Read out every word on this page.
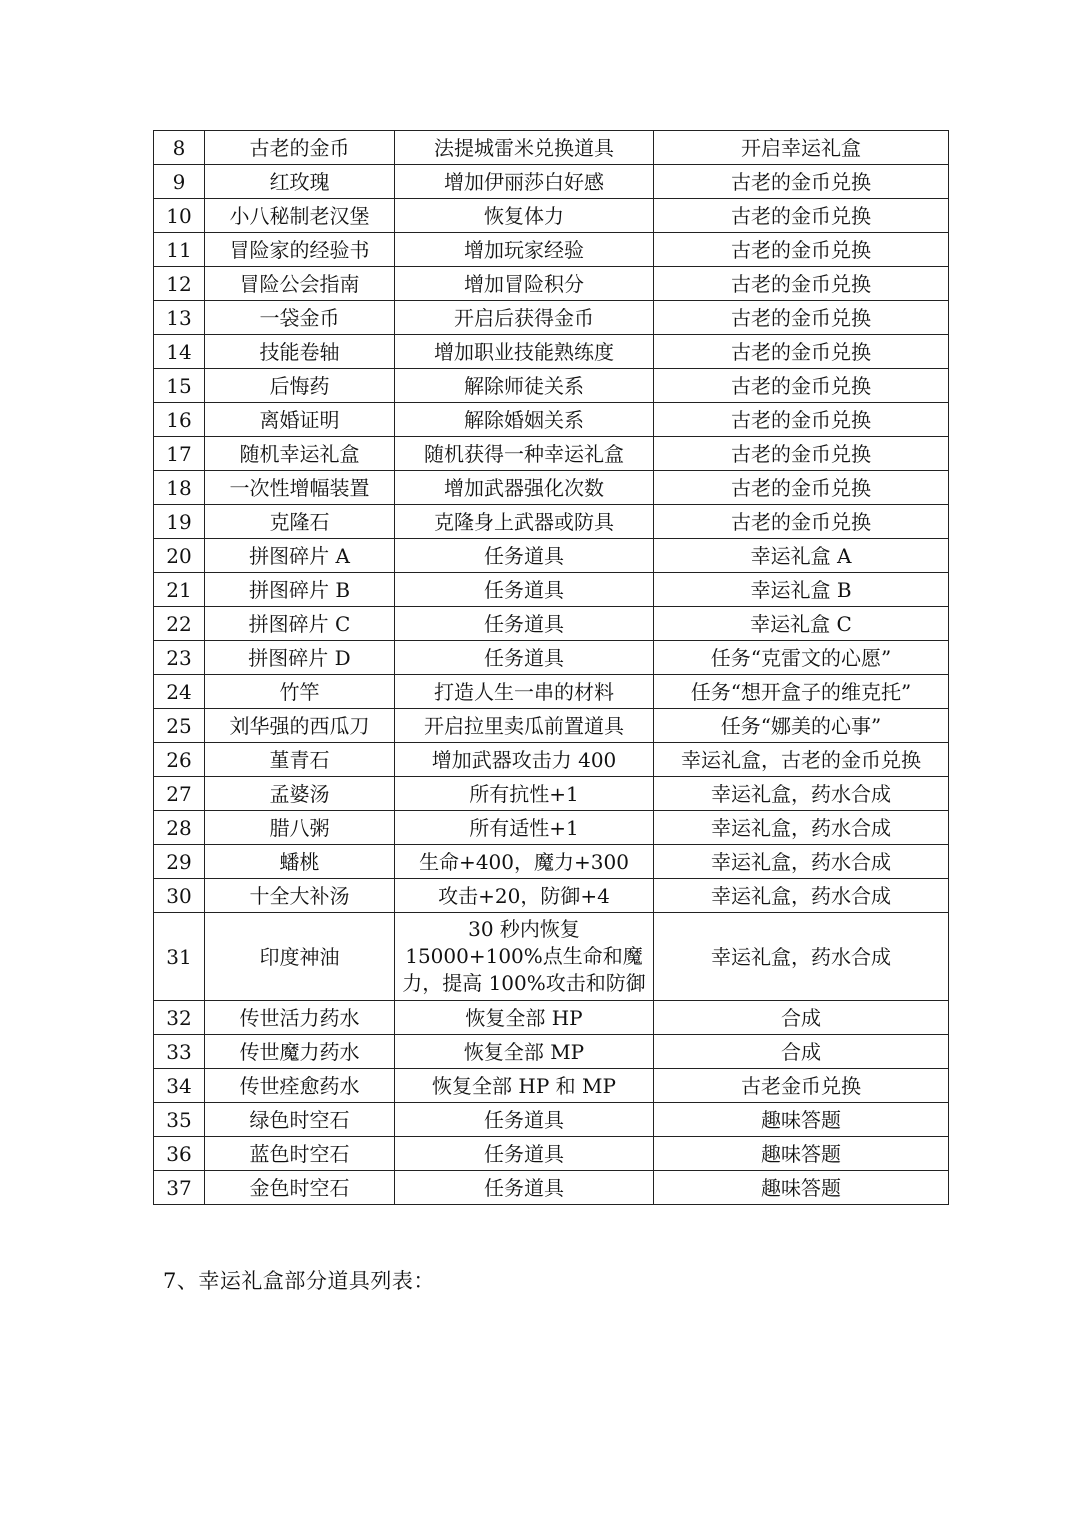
8	古老的金币	法提城雷米兑换道具	开启幸运礼盒
9	红玫瑰	增加伊丽莎白好感	古老的金币兑换
10	小八秘制老汉堡	恢复体力	古老的金币兑换
11	冒险家的经验书	增加玩家经验	古老的金币兑换
12	冒险公会指南	增加冒险积分	古老的金币兑换
13	一袋金币	开启后获得金币	古老的金币兑换
14	技能卷轴	增加职业技能熟练度	古老的金币兑换
15	后悔药	解除师徒关系	古老的金币兑换
16	离婚证明	解除婚姻关系	古老的金币兑换
17	随机幸运礼盒	随机获得一种幸运礼盒	古老的金币兑换
18	一次性增幅装置	增加武器强化次数	古老的金币兑换
19	克隆石	克隆身上武器或防具	古老的金币兑换
20	拼图碎片 A	任务道具	幸运礼盒 A
21	拼图碎片 B	任务道具	幸运礼盒 B
22	拼图碎片 C	任务道具	幸运礼盒 C
23	拼图碎片 D	任务道具	任务“克雷文的心愿”
24	竹竿	打造人生一串的材料	任务“想开盒子的维克托”
25	刘华强的西瓜刀	开启拉里卖瓜前置道具	任务“娜美的心事”
26	堇青石	增加武器攻击力 400	幸运礼盒，古老的金币兑换
27	孟婆汤	所有抗性+1	幸运礼盒，药水合成
28	腊八粥	所有适性+1	幸运礼盒，药水合成
29	蟠桃	生命+400，魔力+300	幸运礼盒，药水合成
30	十全大补汤	攻击+20，防御+4	幸运礼盒，药水合成
31	印度神油	30 秒内恢复 15000+100%点生命和魔力，提高 100%攻击和防御	幸运礼盒，药水合成
32	传世活力药水	恢复全部 HP	合成
33	传世魔力药水	恢复全部 MP	合成
34	传世痊愈药水	恢复全部 HP 和 MP	古老金币兑换
35	绿色时空石	任务道具	趣味答题
36	蓝色时空石	任务道具	趣味答题
37	金色时空石	任务道具	趣味答题
7、幸运礼盒部分道具列表：
